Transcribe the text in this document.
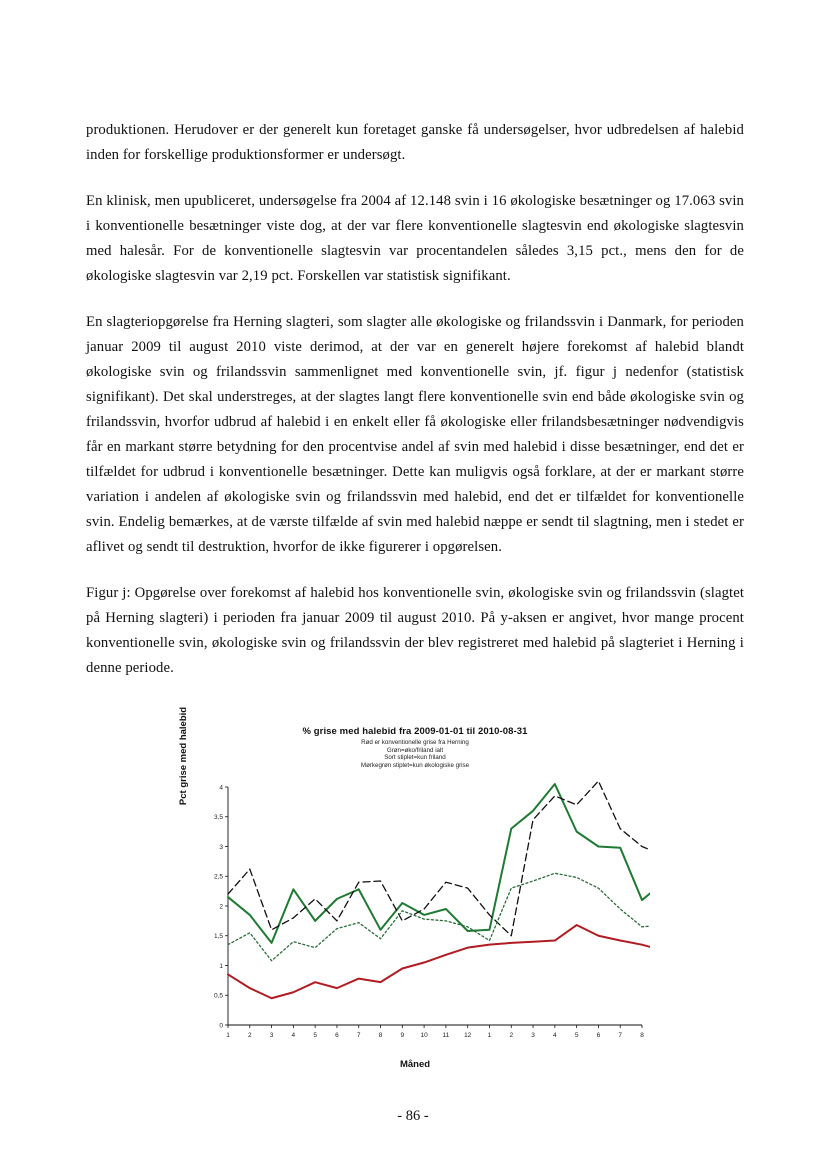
produktionen. Herudover er der generelt kun foretaget ganske få undersøgelser, hvor udbredelsen af halebid inden for forskellige produktionsformer er undersøgt.

En klinisk, men upubliceret, undersøgelse fra 2004 af 12.148 svin i 16 økologiske besætninger og 17.063 svin i konventionelle besætninger viste dog, at der var flere konventionelle slagtesvin end økologiske slagtesvin med halesår. For de konventionelle slagtesvin var procentandelen således 3,15 pct., mens den for de økologiske slagtesvin var 2,19 pct. Forskellen var statistisk signifikant.

En slagteriopgørelse fra Herning slagteri, som slagter alle økologiske og frilandssvin i Danmark, for perioden januar 2009 til august 2010 viste derimod, at der var en generelt højere forekomst af halebid blandt økologiske svin og frilandssvin sammenlignet med konventionelle svin, jf. figur j nedenfor (statistisk signifikant). Det skal understreges, at der slagtes langt flere konventionelle svin end både økologiske svin og frilandssvin, hvorfor udbrud af halebid i en enkelt eller få økologiske eller frilandsbesætninger nødvendigvis får en markant større betydning for den procentvise andel af svin med halebid i disse besætninger, end det er tilfældet for udbrud i konventionelle besætninger. Dette kan muligvis også forklare, at der er markant større variation i andelen af økologiske svin og frilandssvin med halebid, end det er tilfældet for konventionelle svin. Endelig bemærkes, at de værste tilfælde af svin med halebid næppe er sendt til slagtning, men i stedet er aflivet og sendt til destruktion, hvorfor de ikke figurerer i opgørelsen.

Figur j: Opgørelse over forekomst af halebid hos konventionelle svin, økologiske svin og frilandssvin (slagtet på Herning slagteri) i perioden fra januar 2009 til august 2010. På y-aksen er angivet, hvor mange procent konventionelle svin, økologiske svin og frilandssvin der blev registreret med halebid på slagteriet i Herning i denne periode.

% grise med halebid fra 2009-01-01 til 2010-08-31
Rød er konventionelle grise fra Herning
Grøn=øko/friland ialt
Sort stiplet=kun friland
Mørkegrøn stiplet=kun økologiske grise
Pct grise med halebid
0
0,5
1
1,5
2
2,5
3
3,5
4
1	2	3	4	5	6	7	8	9	10 11 12	1	2	3	4	5	6	7	8
Måned
- 86 -
